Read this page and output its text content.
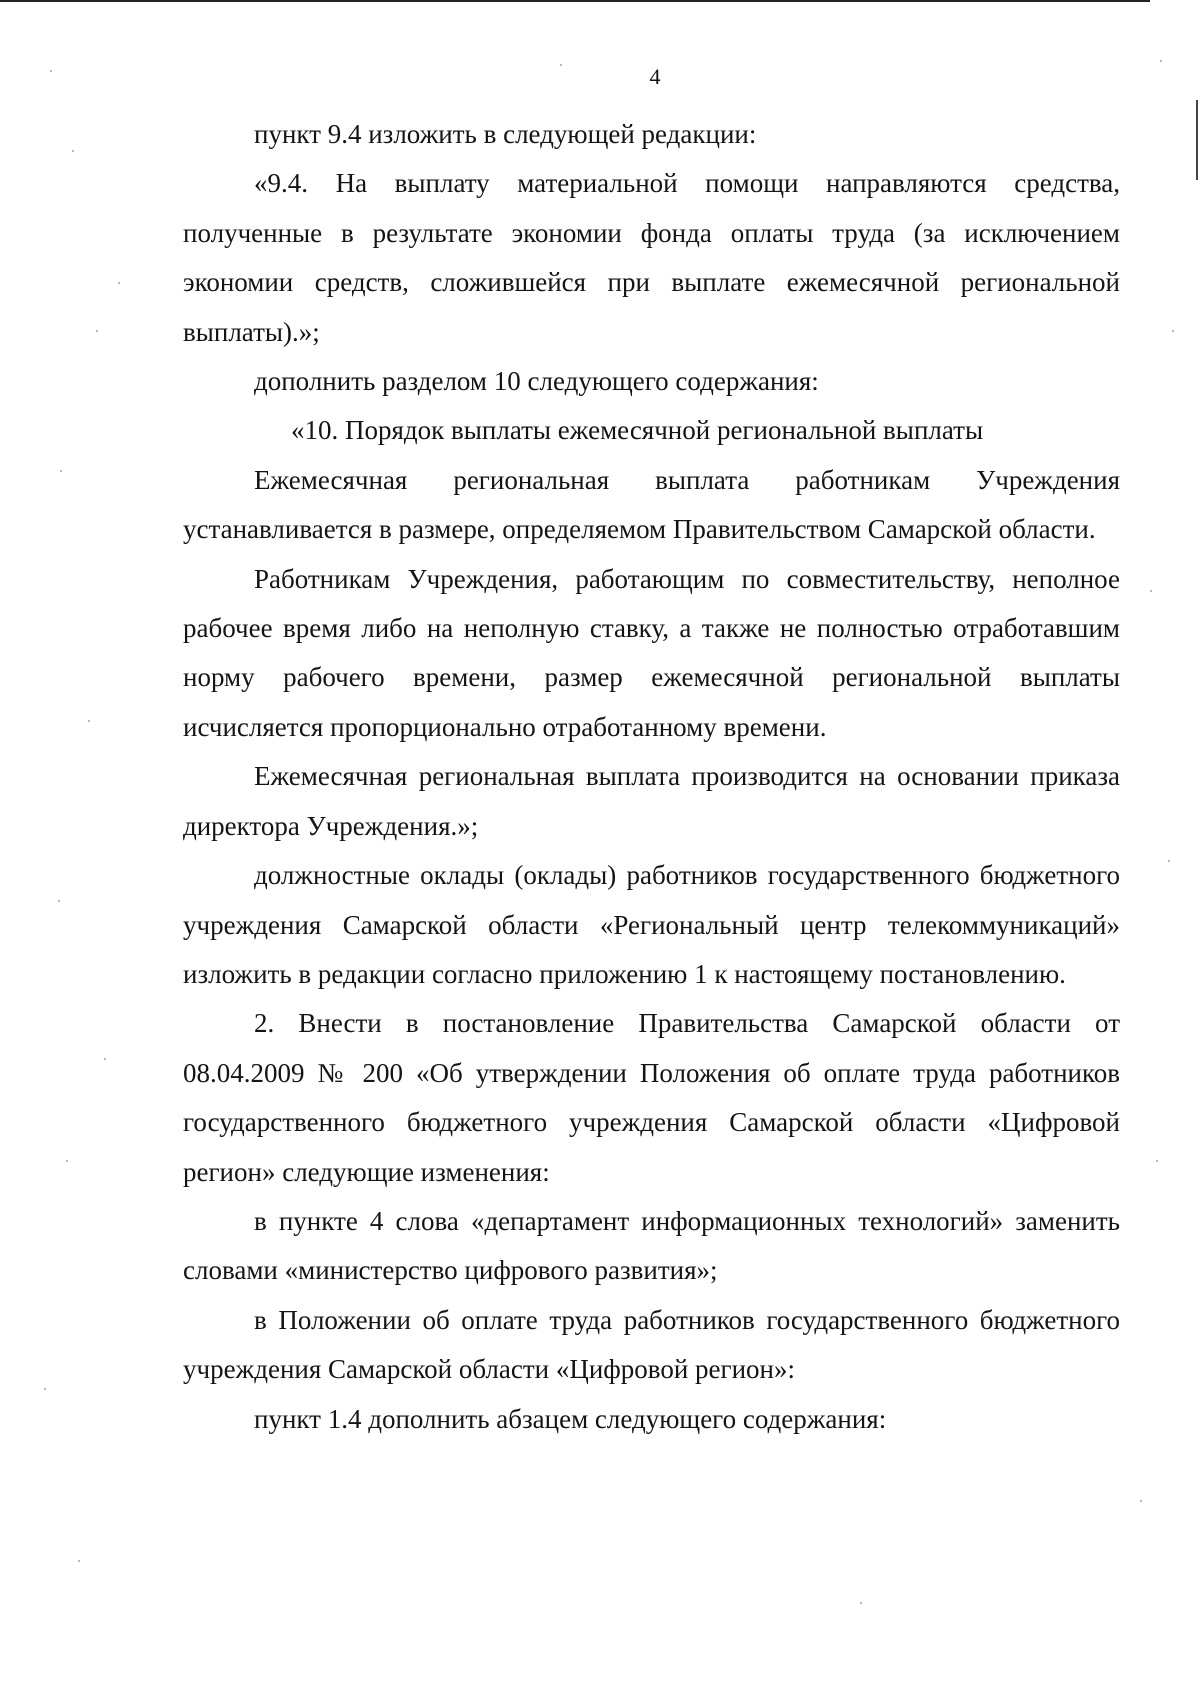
4

пункт 9.4 изложить в следующей редакции:

«9.4. На выплату материальной помощи направляются средства, полученные в результате экономии фонда оплаты труда (за исключением экономии средств, сложившейся при выплате ежемесячной региональной выплаты).»;

дополнить разделом 10 следующего содержания:

«10. Порядок выплаты ежемесячной региональной выплаты

Ежемесячная региональная выплата работникам Учреждения устанавливается в размере, определяемом Правительством Самарской области.

Работникам Учреждения, работающим по совместительству, неполное рабочее время либо на неполную ставку, а также не полностью отработавшим норму рабочего времени, размер ежемесячной региональной выплаты исчисляется пропорционально отработанному времени.

Ежемесячная региональная выплата производится на основании приказа директора Учреждения.»;

должностные оклады (оклады) работников государственного бюджетного учреждения Самарской области «Региональный центр телекоммуникаций» изложить в редакции согласно приложению 1 к настоящему постановлению.

2. Внести в постановление Правительства Самарской области от 08.04.2009 № 200 «Об утверждении Положения об оплате труда работников государственного бюджетного учреждения Самарской области «Цифровой регион» следующие изменения:

в пункте 4 слова «департамент информационных технологий» заменить словами «министерство цифрового развития»;

в Положении об оплате труда работников государственного бюджетного учреждения Самарской области «Цифровой регион»:

пункт 1.4 дополнить абзацем следующего содержания:
